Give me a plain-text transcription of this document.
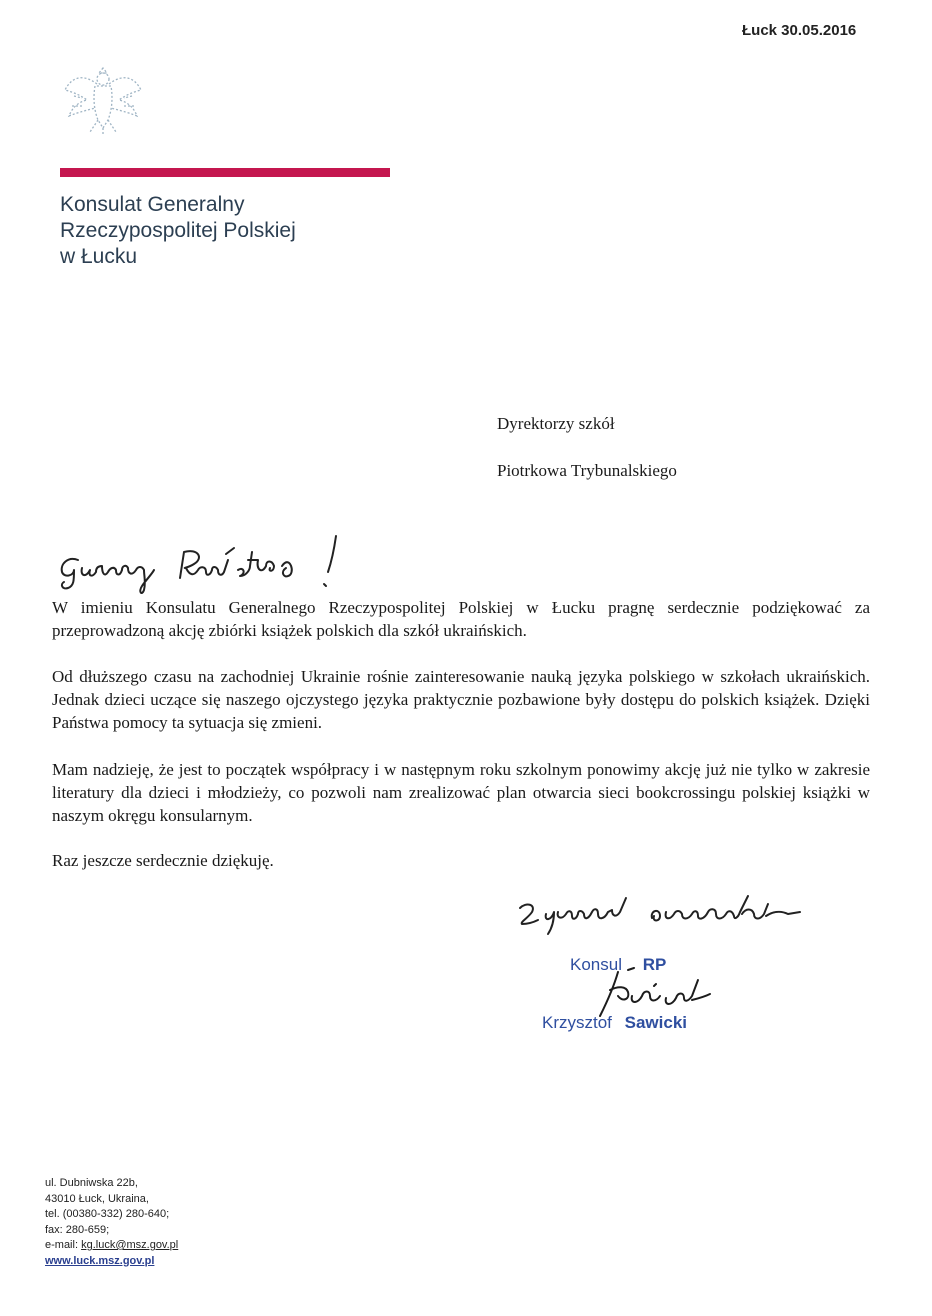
Łuck 30.05.2016
Konsulat Generalny
Rzeczypospolitej Polskiej
w Łucku
Dyrektorzy szkół
Piotrkowa Trybunalskiego
W imieniu Konsulatu Generalnego Rzeczypospolitej Polskiej w Łucku pragnę serdecznie podziękować za przeprowadzoną akcję zbiórki książek polskich dla szkół ukraińskich.
Od dłuższego czasu na zachodniej Ukrainie rośnie zainteresowanie nauką języka polskiego w szkołach ukraińskich. Jednak dzieci uczące się naszego ojczystego języka praktycznie pozbawione były dostępu do polskich książek. Dzięki Państwa pomocy ta sytuacja się zmieni.
Mam nadzieję, że jest to początek współpracy i w następnym roku szkolnym ponowimy akcję już nie tylko w zakresie literatury dla dzieci i młodzieży, co pozwoli nam zrealizować plan otwarcia sieci bookcrossingu polskiej książki w naszym okręgu konsularnym.
Raz jeszcze serdecznie dziękuję.
Konsul RP
Krzysztof Sawicki
ul. Dubniwska 22b,
43010 Łuck, Ukraina,
tel. (00380-332) 280-640;
fax: 280-659;
e-mail: kg.luck@msz.gov.pl
www.luck.msz.gov.pl
